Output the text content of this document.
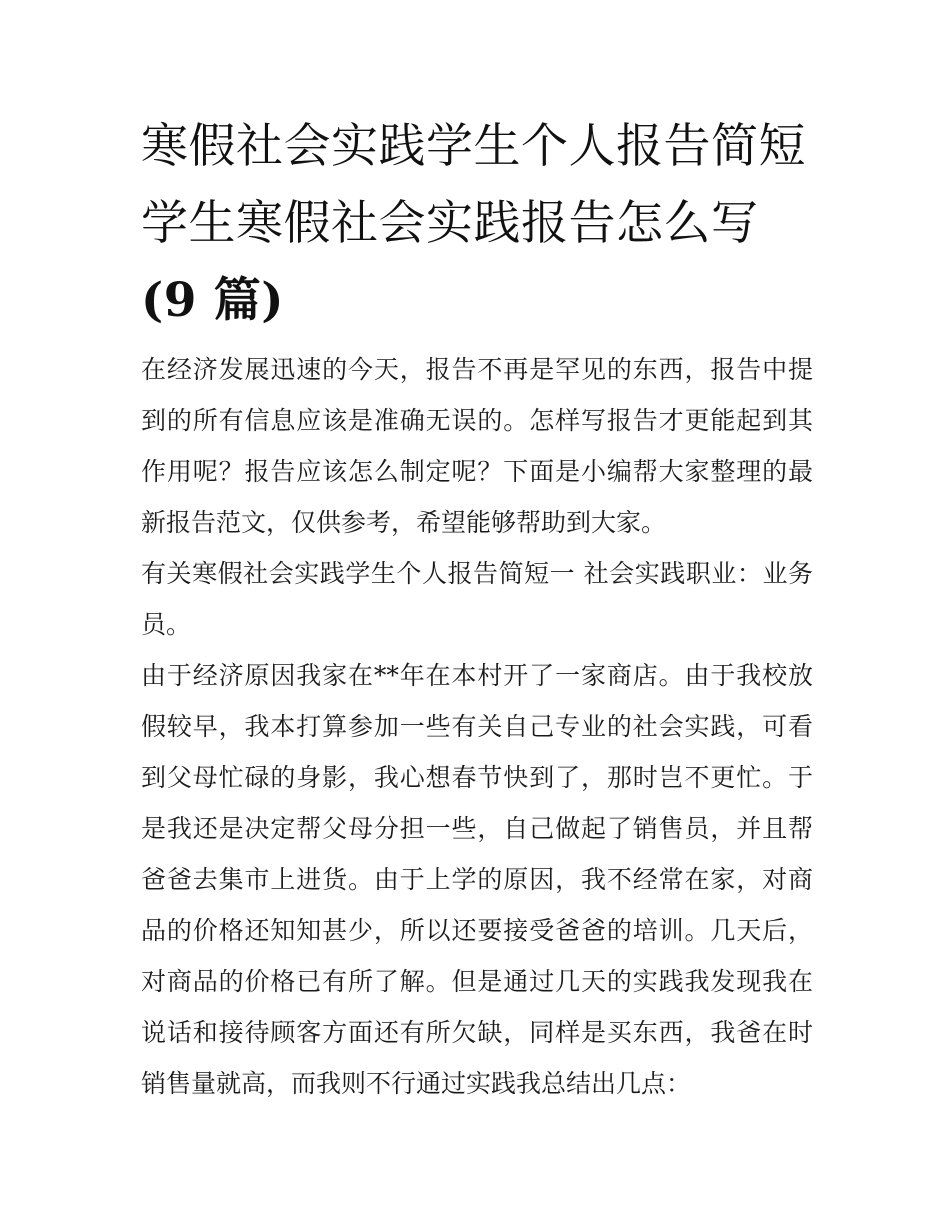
寒假社会实践学生个人报告简短 学生寒假社会实践报告怎么写(9 篇)

在经济发展迅速的今天，报告不再是罕见的东西，报告中提到的所有信息应该是准确无误的。怎样写报告才更能起到其作用呢？报告应该怎么制定呢？下面是小编帮大家整理的最新报告范文，仅供参考，希望能够帮助到大家。

有关寒假社会实践学生个人报告简短一 社会实践职业：业务员。

由于经济原因我家在**年在本村开了一家商店。由于我校放假较早，我本打算参加一些有关自己专业的社会实践，可看到父母忙碌的身影，我心想春节快到了，那时岂不更忙。于是我还是决定帮父母分担一些，自己做起了销售员，并且帮爸爸去集市上进货。由于上学的原因，我不经常在家，对商品的价格还知知甚少，所以还要接受爸爸的培训。几天后，对商品的价格已有所了解。但是通过几天的实践我发现我在说话和接待顾客方面还有所欠缺，同样是买东西，我爸在时销售量就高，而我则不行通过实践我总结出几点：
